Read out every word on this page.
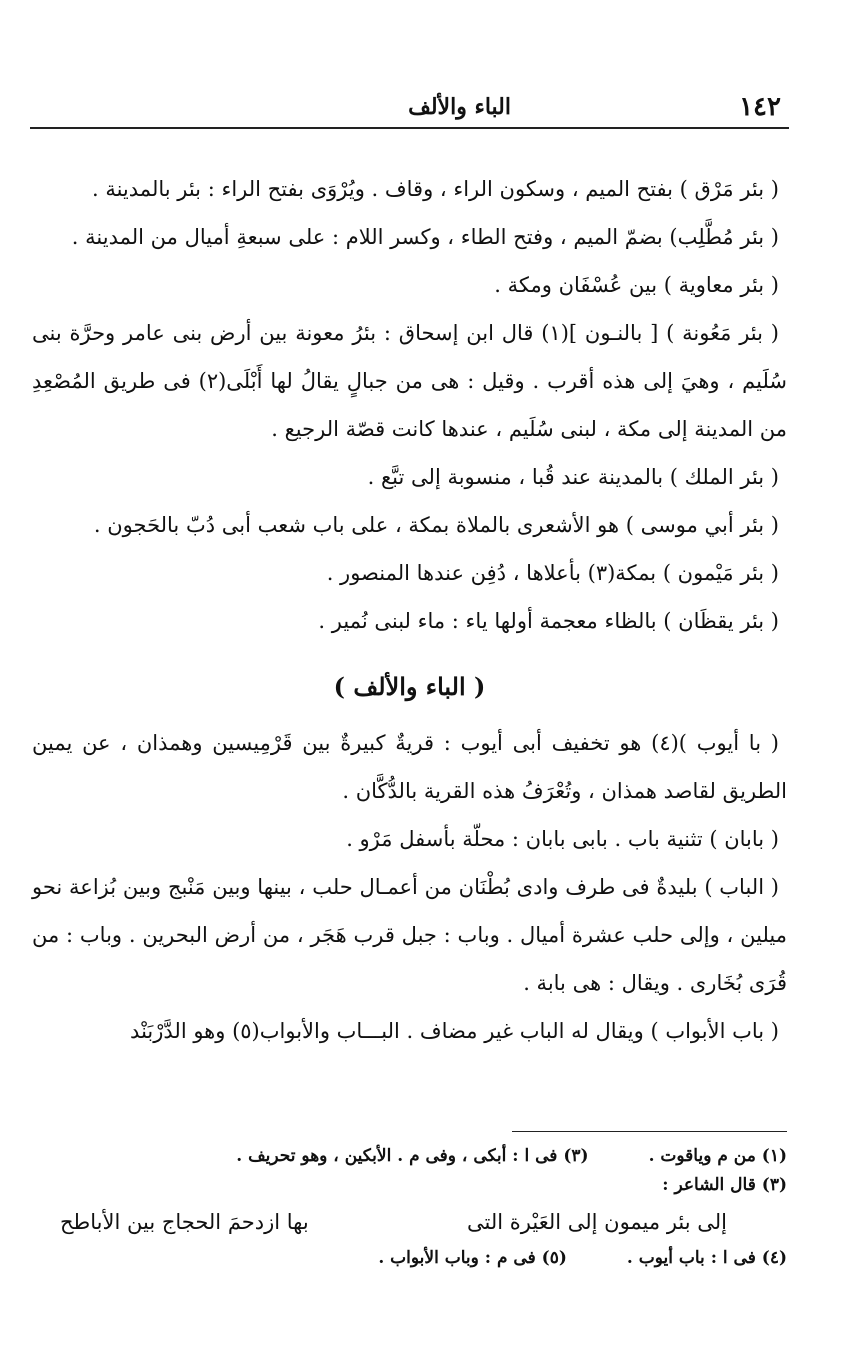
١٤٢
الباء والألف

( بئر مَرْق ) بفتح الميم ، وسكون الراء ، وقاف . ويُرْوَى بفتح الراء : بئر بالمدينة .

( بئر مُطَّلِب) بضمّ الميم ، وفتح الطاء ، وكسر اللام : على سبعةِ أميال من المدينة .

( بئر معاوية ) بين عُسْفَان ومكة .

( بئر مَعُونة ) [ بالنـون ](١) قال ابن إسحاق : بئرُ معونة بين أرض بنى عامر وحرَّة بنى سُلَيم ، وهيَ إلى هذه أقرب . وقيل : هى من جبالٍ يقالُ لها أَبْلَى(٢) فى طريق المُصْعِدِ من المدينة إلى مكة ، لبنى سُلَيم ، عندها كانت قصّة الرجيع .

( بئر الملك ) بالمدينة عند قُبا ، منسوبة إلى تبَّع .

( بئر أبي موسى ) هو الأشعرى بالملاة بمكة ، على باب شعب أبى دُبّ بالحَجون .

( بئر مَيْمون ) بمكة(٣) بأعلاها ، دُفِن عندها المنصور .

( بئر يقظَان ) بالظاء معجمة أولها ياء : ماء لبنى نُمير .

( الباء والألف )

( با أيوب )(٤) هو تخفيف أبى أيوب : قريةٌ كبيرةٌ بين قَرْمِيسين وهمذان ، عن يمين الطريق لقاصد همذان ، وتُعْرَفُ هذه القرية بالدُّكَّان .

( بابان ) تثنية باب . بابى بابان : محلّة بأسفل مَرْو .

( الباب ) بليدةٌ فى طرف وادى بُطْنَان من أعمـال حلب ، بينها وبين مَنْبج وبين بُزاعة نحو ميلين ، وإلى حلب عشرة أميال . وباب : جبل قرب هَجَر ، من أرض البحرين . وباب : من قُرَى بُخَارى . ويقال : هى بابة .

( باب الأبواب ) ويقال له الباب غير مضاف . البـــاب والأبواب(٥) وهو الدَّرْبَنْد

(١) من م وياقوت .
(٣) فى ا : أبكى ، وفى م . الأبكين ، وهو تحريف .
(٣) قال الشاعر :
إلى بئر ميمون إلى العَيْرة التى
بها ازدحمَ الحجاج بين الأباطح
(٤) فى ا : باب أيوب .
(٥) فى م : وباب الأبواب .
